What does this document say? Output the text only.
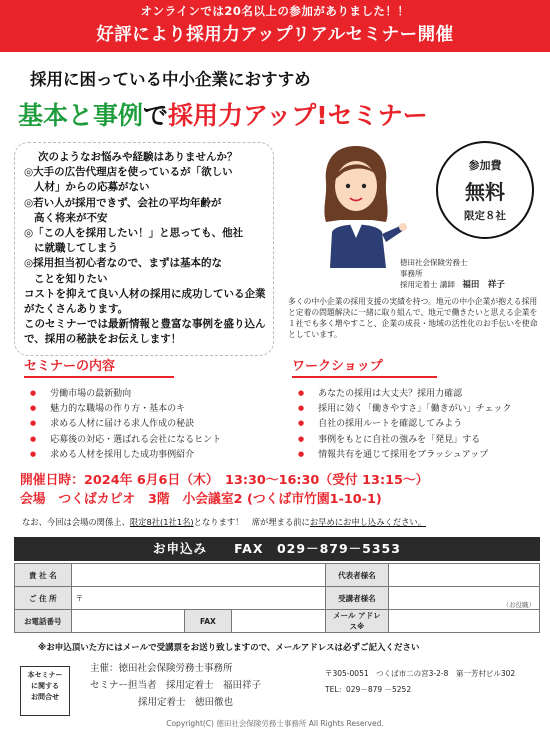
オンラインでは20名以上の参加がありました！！
好評により採用力アップリアルセミナー開催
採用に困っている中小企業におすすめ
基本と事例で採用力アップ!セミナー

次のようなお悩みや経験はありませんか？

◎大手の広告代理店を使っているが「欲しい

人材」からの応募がない

◎若い人が採用できず、会社の平均年齢が

高く将来が不安

◎「この人を採用したい！」と思っても、他社

に就職してしまう

◎採用担当初心者なので、まずは基本的な

ことを知りたい

コストを抑えて良い人材の採用に成功している企業がたくさんあります。

このセミナーでは最新情報と豊富な事例を盛り込んで、採用の秘訣をお伝えします！

参加費
無料
限定８社
徳田社会保険労務士
事務所
採用定着士 講師　 福田　祥子
多くの中小企業の採用支援の実績を持つ。地元の中小企業が抱える採用と定着の問題解決に一緒に取り組んで、地元で働きたいと思える企業を１社でも多く増やすこと、企業の成長・地域の活性化のお手伝いを使命としています。
セミナーの内容
● 労働市場の最新動向
● 魅力的な職場の作り方・基本のキ
● 求める人材に届ける求人作成の秘訣
● 応募後の対応・選ばれる会社になるヒント
● 求める人材を採用した成功事例紹介
ワークショップ
● あなたの採用は大丈夫？採用力確認
● 採用に効く「働きやすさ」「働きがい」チェック
● 自社の採用ルートを確認してみよう
● 事例をもとに自社の強みを「発見」する
● 情報共有を通じて採用をブラッシュアップ
開催日時：2024年 6月6日（木）　13:30～16:30（受付 13:15～）
会場　つくばカピオ　3階　小会議室2 (つくば市竹園1-10-1)
なお、今回は会場の関係上、限定8社(1社1名)となります！　席が埋まる前にお早めにお申し込みください。
お申込み　　 FAX　029－879－5353
貴 社 名				代表者様名	
ご 住 所	〒			受講者様名	（お役職）
お電話番号		FAX		メール アドレス※	
※お申込頂いた方にはメールで受講票をお送り致しますので、メールアドレスは必ずご記入ください
本セミナー
に関する
お問合せ
主催：徳田社会保険労務士事務所
セミナー担当者　採用定着士　福田祥子
採用定着士　徳田徹也
〒305-0051　つくば市二の宮3-2-8　第一芳村ビル302
TEL：029－879 －5252
Copyright(C) 徳田社会保険労務士事務所 All Rights Reserved.
